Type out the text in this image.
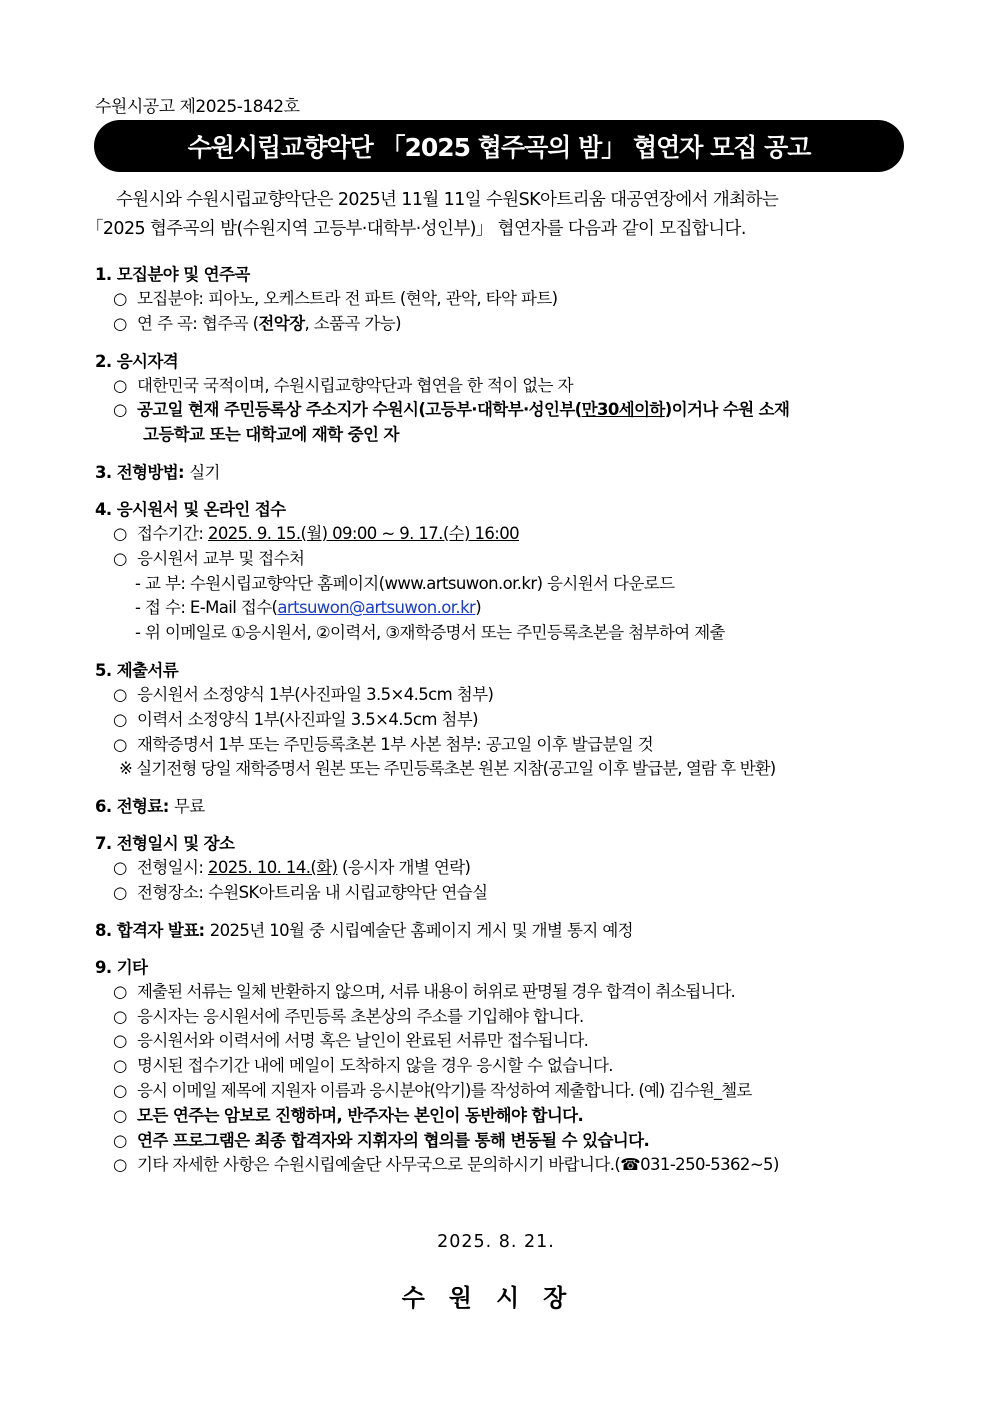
수원시공고 제2025-1842호
수원시립교향악단 「2025 협주곡의 밤」 협연자 모집 공고
수원시와 수원시립교향악단은 2025년 11월 11일 수원SK아트리움 대공연장에서 개최하는
「2025 협주곡의 밤(수원지역 고등부·대학부·성인부)」 협연자를 다음과 같이 모집합니다.
1. 모집분야 및 연주곡
○ 모집분야: 피아노, 오케스트라 전 파트 (현악, 관악, 타악 파트)
○ 연 주 곡: 협주곡 (전악장, 소품곡 가능)
2. 응시자격
○ 대한민국 국적이며, 수원시립교향악단과 협연을 한 적이 없는 자
○ 공고일 현재 주민등록상 주소지가 수원시(고등부·대학부·성인부(만30세이하)이거나 수원 소재
고등학교 또는 대학교에 재학 중인 자
3. 전형방법: 실기
4. 응시원서 및 온라인 접수
○ 접수기간: 2025. 9. 15.(월) 09:00 ~ 9. 17.(수) 16:00
○ 응시원서 교부 및 접수처
- 교 부: 수원시립교향악단 홈페이지(www.artsuwon.or.kr) 응시원서 다운로드
- 접 수: E-Mail 접수(artsuwon@artsuwon.or.kr)
- 위 이메일로 ①응시원서, ②이력서, ③재학증명서 또는 주민등록초본을 첨부하여 제출
5. 제출서류
○ 응시원서 소정양식 1부(사진파일 3.5×4.5cm 첨부)
○ 이력서 소정양식 1부(사진파일 3.5×4.5cm 첨부)
○ 재학증명서 1부 또는 주민등록초본 1부 사본 첨부: 공고일 이후 발급분일 것
※ 실기전형 당일 재학증명서 원본 또는 주민등록초본 원본 지참(공고일 이후 발급분, 열람 후 반환)
6. 전형료: 무료
7. 전형일시 및 장소
○ 전형일시: 2025. 10. 14.(화) (응시자 개별 연락)
○ 전형장소: 수원SK아트리움 내 시립교향악단 연습실
8. 합격자 발표: 2025년 10월 중 시립예술단 홈페이지 게시 및 개별 통지 예정
9. 기타
○ 제출된 서류는 일체 반환하지 않으며, 서류 내용이 허위로 판명될 경우 합격이 취소됩니다.
○ 응시자는 응시원서에 주민등록 초본상의 주소를 기입해야 합니다.
○ 응시원서와 이력서에 서명 혹은 날인이 완료된 서류만 접수됩니다.
○ 명시된 접수기간 내에 메일이 도착하지 않을 경우 응시할 수 없습니다.
○ 응시 이메일 제목에 지원자 이름과 응시분야(악기)를 작성하여 제출합니다. (예) 김수원_첼로
○ 모든 연주는 암보로 진행하며, 반주자는 본인이 동반해야 합니다.
○ 연주 프로그램은 최종 합격자와 지휘자의 협의를 통해 변동될 수 있습니다.
○ 기타 자세한 사항은 수원시립예술단 사무국으로 문의하시기 바랍니다.(☎031-250-5362~5)
2025. 8. 21.
수원시장
